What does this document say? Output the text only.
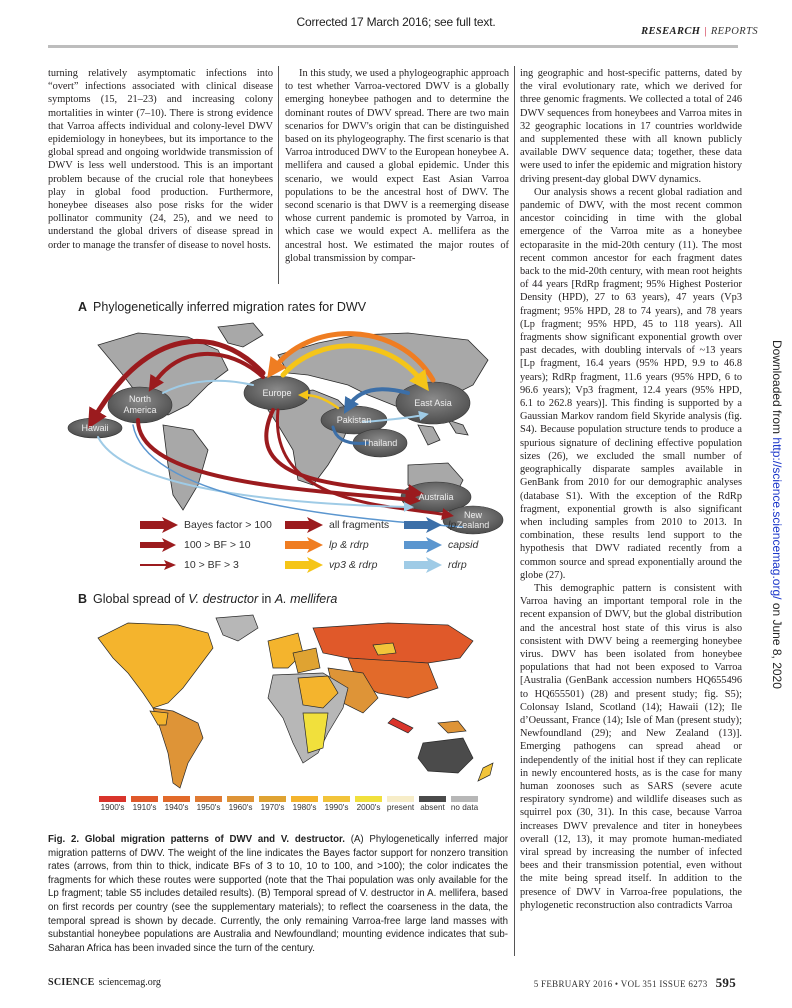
Corrected 17 March 2016; see full text.
RESEARCH | REPORTS

turning relatively asymptomatic infections into “overt” infections associated with clinical disease symptoms (15, 21–23) and increasing colony mortalities in winter (7–10). There is strong evidence that Varroa affects individual and colony-level DWV epidemiology in honeybees, but its importance to the global spread and ongoing worldwide transmission of DWV is less well understood. This is an important problem because of the crucial role that honeybees play in global food production. Furthermore, honeybee diseases also pose risks for the wider pollinator community (24, 25), and we need to understand the global drivers of disease spread in order to manage the transfer of disease to novel hosts.

In this study, we used a phylogeographic approach to test whether Varroa-vectored DWV is a globally emerging honeybee pathogen and to determine the dominant routes of DWV spread. There are two main scenarios for DWV's origin that can be distinguished based on its phylogeography. The first scenario is that Varroa introduced DWV to the European honeybee A. mellifera and caused a global epidemic. Under this scenario, we would expect East Asian Varroa populations to be the ancestral host of DWV. The second scenario is that DWV is a reemerging disease whose current pandemic is promoted by Varroa, in which case we would expect A. mellifera as the ancestral host. We estimated the major routes of global transmission by compar-

ing geographic and host-specific patterns, dated by the viral evolutionary rate, which we derived for three genomic fragments. We collected a total of 246 DWV sequences from honeybees and Varroa mites in 32 geographic locations in 17 countries worldwide and supplemented these with all known publicly available DWV sequence data; together, these data were used to infer the epidemic and migration history driving present-day global DWV dynamics.

Our analysis shows a recent global radiation and pandemic of DWV, with the most recent common ancestor coinciding in time with the global emergence of the Varroa mite as a honeybee ectoparasite in the mid-20th century (11). The most recent common ancestor for each fragment dates back to the mid-20th century, with mean root heights of 44 years [RdRp fragment; 95% Highest Posterior Density (HPD), 27 to 63 years), 47 years (Vp3 fragment; 95% HPD, 28 to 74 years), and 78 years (Lp fragment; 95% HPD, 45 to 118 years). All fragments show significant exponential growth over past decades, with doubling intervals of ~13 years [Lp fragment, 16.4 years (95% HPD, 9.9 to 46.8 years); RdRp fragment, 11.6 years (95% HPD, 6 to 96.6 years); Vp3 fragment, 12.4 years (95% HPD, 6.1 to 262.8 years)]. This finding is supported by a Gaussian Markov random field Skyride analysis (fig. S4). Because population structure tends to produce a spurious signature of declining effective population sizes (26), we excluded the small number of geographically disparate samples available in GenBank from 2010 for our demographic analyses (database S1). With the exception of the RdRp fragment, exponential growth is also significant when including samples from 2010 to 2013. In combination, these results lend support to the hypothesis that DWV radiated recently from a common source and spread exponentially around the globe (27).

This demographic pattern is consistent with Varroa having an important temporal role in the recent expansion of DWV, but the global distribution and the ancestral host state of this virus is also consistent with DWV being a reemerging honeybee virus. DWV has been isolated from honeybee populations that had not been exposed to Varroa [Australia (GenBank accession numbers HQ655496 to HQ655501) (28) and present study; fig. S5); Colonsay Island, Scotland (14); Hawaii (12); Ile d’Oeussant, France (14); Isle of Man (present study); Newfoundland (29); and New Zealand (13)]. Emerging pathogens can spread ahead or independently of the initial host if they can replicate in newly encountered hosts, as is the case for many human zoonoses such as SARS (severe acute respiratory syndrome) and wildlife diseases such as squirrel pox (30, 31). In this case, because Varroa increases DWV prevalence and titer in honeybees overall (12, 13), it may promote human-mediated viral spread by increasing the number of infected bees and their transmission potential, even without the mite being spread itself. In addition to the presence of DWV in Varroa-free populations, the phylogenetic reconstruction also contradicts Varroa

A Phylogenetically inferred migration rates for DWV
Hawaii
North
America
Europe
Pakistan
Thailand
East Asia
Australia
New
Zealand
Bayes factor > 100
100 > BF > 10
10 > BF > 3
all fragments
lp & rdrp
vp3 & rdrp
lp
capsid
rdrp
B Global spread of V. destructor in A. mellifera
1900's 1910's 1940's 1950's 1960's 1970's 1980's 1990's 2000's present absent no data
Fig. 2. Global migration patterns of DWV and V. destructor. (A) Phylogenetically inferred major migration patterns of DWV. The weight of the line indicates the Bayes factor support for nonzero transition rates (arrows, from thin to thick, indicate BFs of 3 to 10, 10 to 100, and >100); the color indicates the fragments for which these routes were supported (note that the Thai population was only available for the Lp fragment; table S5 includes detailed results). (B) Temporal spread of V. destructor in A. mellifera, based on first records per country (see the supplementary materials); to reflect the coarseness in the data, the temporal spread is shown by decade. Currently, the only remaining Varroa-free large land masses with substantial honeybee populations are Australia and Newfoundland; mounting evidence indicates that sub-Saharan Africa has been invaded since the turn of the century.
SCIENCE sciencemag.org	5 FEBRUARY 2016 • VOL 351 ISSUE 6273 595
Downloaded from http://science.sciencemag.org/ on June 8, 2020
